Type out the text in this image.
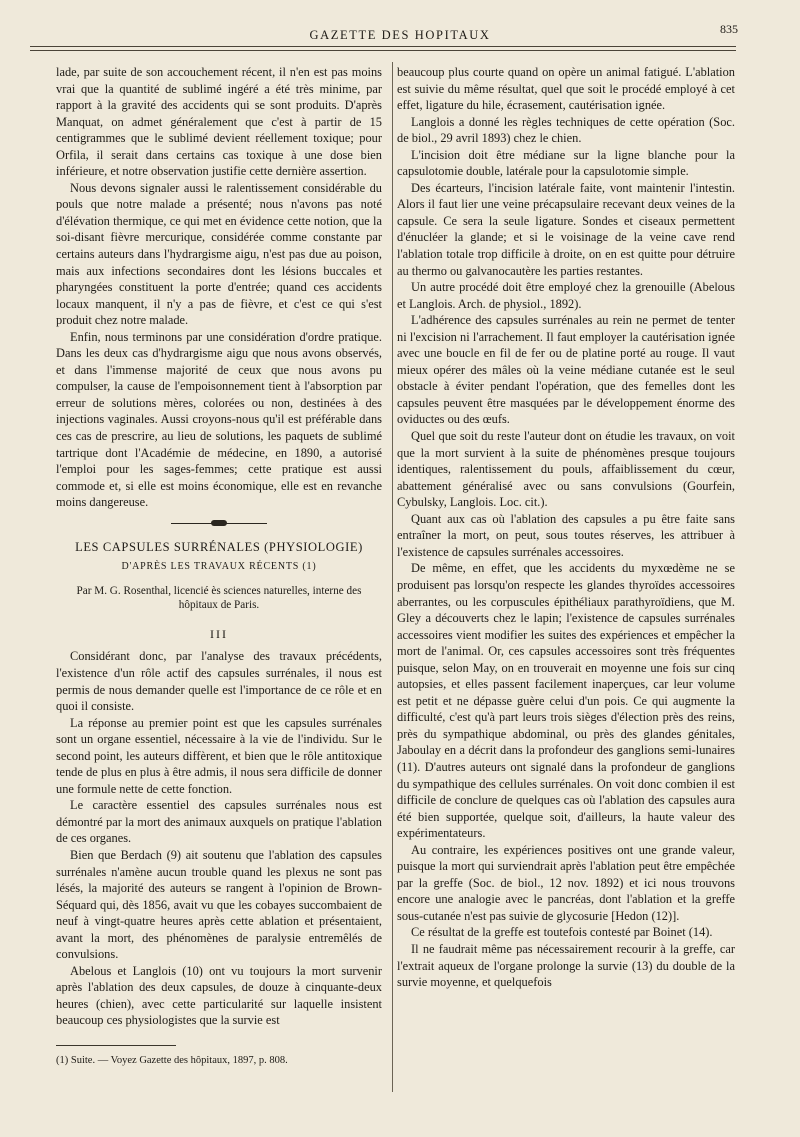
GAZETTE DES HOPITAUX	835

lade, par suite de son accouchement récent, il n'en est pas moins vrai que la quantité de sublimé ingéré a été très minime, par rapport à la gravité des accidents qui se sont produits. D'après Manquat, on admet généralement que c'est à partir de 15 centigrammes que le sublimé devient réellement toxique; pour Orfila, il serait dans certains cas toxique à une dose bien inférieure, et notre observation justifie cette dernière assertion.

Nous devons signaler aussi le ralentissement considérable du pouls que notre malade a présenté; nous n'avons pas noté d'élévation thermique, ce qui met en évidence cette notion, que la soi-disant fièvre mercurique, considérée comme constante par certains auteurs dans l'hydrargisme aigu, n'est pas due au poison, mais aux infections secondaires dont les lésions buccales et pharyngées constituent la porte d'entrée; quand ces accidents locaux manquent, il n'y a pas de fièvre, et c'est ce qui s'est produit chez notre malade.

Enfin, nous terminons par une considération d'ordre pratique. Dans les deux cas d'hydrargisme aigu que nous avons observés, et dans l'immense majorité de ceux que nous avons pu compulser, la cause de l'empoisonnement tient à l'absorption par erreur de solutions mères, colorées ou non, destinées à des injections vaginales. Aussi croyons-nous qu'il est préférable dans ces cas de prescrire, au lieu de solutions, les paquets de sublimé tartrique dont l'Académie de médecine, en 1890, a autorisé l'emploi pour les sages-femmes; cette pratique est aussi commode et, si elle est moins économique, elle est en revanche moins dangereuse.

LES CAPSULES SURRÉNALES (PHYSIOLOGIE)
D'APRÈS LES TRAVAUX RÉCENTS (1)
Par M. G. Rosenthal, licencié ès sciences naturelles, interne des hôpitaux de Paris.
III

Considérant donc, par l'analyse des travaux précédents, l'existence d'un rôle actif des capsules surrénales, il nous est permis de nous demander quelle est l'importance de ce rôle et en quoi il consiste.

La réponse au premier point est que les capsules surrénales sont un organe essentiel, nécessaire à la vie de l'individu. Sur le second point, les auteurs diffèrent, et bien que le rôle antitoxique tende de plus en plus à être admis, il nous sera difficile de donner une formule nette de cette fonction.

Le caractère essentiel des capsules surrénales nous est démontré par la mort des animaux auxquels on pratique l'ablation de ces organes.

Bien que Berdach (9) ait soutenu que l'ablation des capsules surrénales n'amène aucun trouble quand les plexus ne sont pas lésés, la majorité des auteurs se rangent à l'opinion de Brown-Séquard qui, dès 1856, avait vu que les cobayes succombaient de neuf à vingt-quatre heures après cette ablation et présentaient, avant la mort, des phénomènes de paralysie entremêlés de convulsions.

Abelous et Langlois (10) ont vu toujours la mort survenir après l'ablation des deux capsules, de douze à cinquante-deux heures (chien), avec cette particularité sur laquelle insistent beaucoup ces physiologistes que la survie est

(1) Suite. — Voyez Gazette des hôpitaux, 1897, p. 808.

beaucoup plus courte quand on opère un animal fatigué. L'ablation est suivie du même résultat, quel que soit le procédé employé à cet effet, ligature du hile, écrasement, cautérisation ignée.

Langlois a donné les règles techniques de cette opération (Soc. de biol., 29 avril 1893) chez le chien.

L'incision doit être médiane sur la ligne blanche pour la capsulotomie double, latérale pour la capsulotomie simple.

Des écarteurs, l'incision latérale faite, vont maintenir l'intestin. Alors il faut lier une veine précapsulaire recevant deux veines de la capsule. Ce sera la seule ligature. Sondes et ciseaux permettent d'énucléer la glande; et si le voisinage de la veine cave rend l'ablation totale trop difficile à droite, on en est quitte pour détruire au thermo ou galvanocautère les parties restantes.

Un autre procédé doit être employé chez la grenouille (Abelous et Langlois. Arch. de physiol., 1892).

L'adhérence des capsules surrénales au rein ne permet de tenter ni l'excision ni l'arrachement. Il faut employer la cautérisation ignée avec une boucle en fil de fer ou de platine porté au rouge. Il vaut mieux opérer des mâles où la veine médiane cutanée est le seul obstacle à éviter pendant l'opération, que des femelles dont les capsules peuvent être masquées par le développement énorme des oviductes ou des œufs.

Quel que soit du reste l'auteur dont on étudie les travaux, on voit que la mort survient à la suite de phénomènes presque toujours identiques, ralentissement du pouls, affaiblissement du cœur, abattement généralisé avec ou sans convulsions (Gourfein, Cybulsky, Langlois. Loc. cit.).

Quant aux cas où l'ablation des capsules a pu être faite sans entraîner la mort, on peut, sous toutes réserves, les attribuer à l'existence de capsules surrénales accessoires.

De même, en effet, que les accidents du myxœdème ne se produisent pas lorsqu'on respecte les glandes thyroïdes accessoires aberrantes, ou les corpuscules épithéliaux parathyroïdiens, que M. Gley a découverts chez le lapin; l'existence de capsules surrénales accessoires vient modifier les suites des expériences et empêcher la mort de l'animal. Or, ces capsules accessoires sont très fréquentes puisque, selon May, on en trouverait en moyenne une fois sur cinq autopsies, et elles passent facilement inaperçues, car leur volume est petit et ne dépasse guère celui d'un pois. Ce qui augmente la difficulté, c'est qu'à part leurs trois sièges d'élection près des reins, près du sympathique abdominal, ou près des glandes génitales, Jaboulay en a décrit dans la profondeur des ganglions semi-lunaires (11). D'autres auteurs ont signalé dans la profondeur de ganglions du sympathique des cellules surrénales. On voit donc combien il est difficile de conclure de quelques cas où l'ablation des capsules aura été bien supportée, quelque soit, d'ailleurs, la haute valeur des expérimentateurs.

Au contraire, les expériences positives ont une grande valeur, puisque la mort qui surviendrait après l'ablation peut être empêchée par la greffe (Soc. de biol., 12 nov. 1892) et ici nous trouvons encore une analogie avec le pancréas, dont l'ablation et la greffe sous-cutanée n'est pas suivie de glycosurie [Hedon (12)].

Ce résultat de la greffe est toutefois contesté par Boinet (14).

Il ne faudrait même pas nécessairement recourir à la greffe, car l'extrait aqueux de l'organe prolonge la survie (13) du double de la survie moyenne, et quelquefois
